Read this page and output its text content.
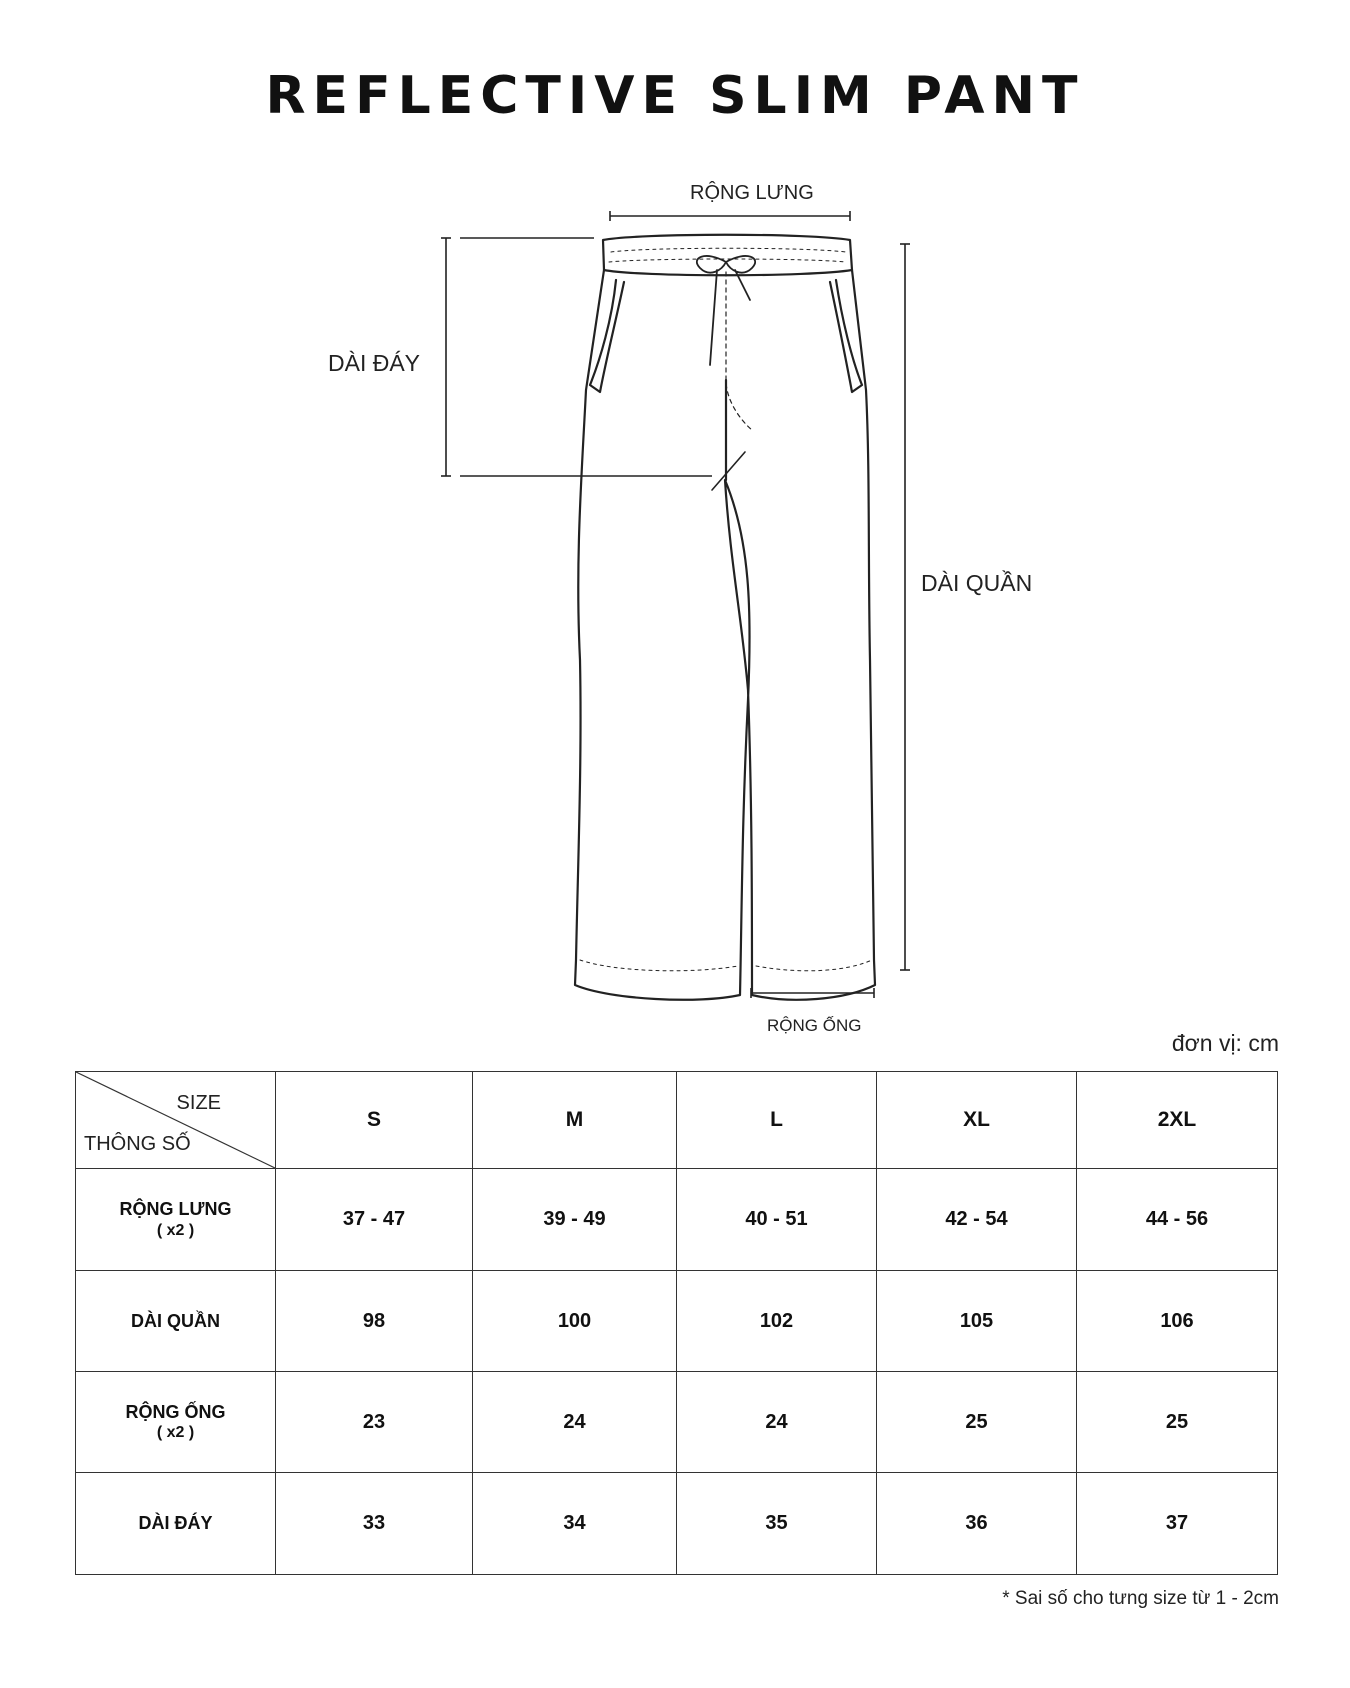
REFLECTIVE SLIM PANT
RỘNG LƯNG
DÀI ĐÁY
DÀI QUẦN
RỘNG ỐNG
đơn vị: cm
SIZE
THÔNG SỐ	S	M	L	XL	2XL
RỘNG LƯNG
( x2 )	37 - 47	39 - 49	40 - 51	42 - 54	44 - 56
DÀI QUẦN	98	100	102	105	106
RỘNG ỐNG
( x2 )	23	24	24	25	25
DÀI ĐÁY	33	34	35	36	37
* Sai số cho tưng size từ 1 - 2cm
